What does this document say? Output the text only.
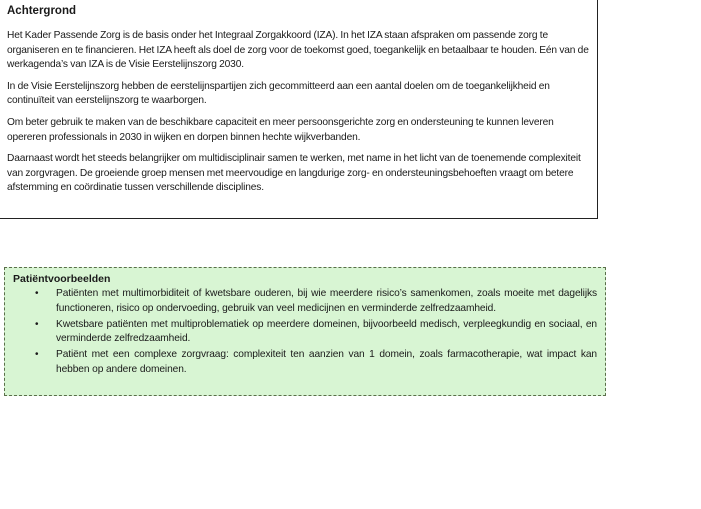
Achtergrond

Het Kader Passende Zorg is de basis onder het Integraal Zorgakkoord (IZA). In het IZA staan afspraken om passende zorg te organiseren en te financieren. Het IZA heeft als doel de zorg voor de toekomst goed, toegankelijk en betaalbaar te houden. Eén van de werkagenda’s van IZA is de Visie Eerstelijnszorg 2030.

In de Visie Eerstelijnszorg hebben de eerstelijnspartijen zich gecommitteerd aan een aantal doelen om de toegankelijkheid en continuïteit van eerstelijnszorg te waarborgen.

Om beter gebruik te maken van de beschikbare capaciteit en meer persoonsgerichte zorg en ondersteuning te kunnen leveren opereren professionals in 2030 in wijken en dorpen binnen hechte wijkverbanden.

Daarnaast wordt het steeds belangrijker om multidisciplinair samen te werken, met name in het licht van de toenemende complexiteit van zorgvragen. De groeiende groep mensen met meervoudige en langdurige zorg- en ondersteuningsbehoeften vraagt om betere afstemming en coördinatie tussen verschillende disciplines.

Patiëntvoorbeelden
• Patiënten met multimorbiditeit of kwetsbare ouderen, bij wie meerdere risico’s samenkomen, zoals moeite met dagelijks functioneren, risico op ondervoeding, gebruik van veel medicijnen en verminderde zelfredzaamheid.
• Kwetsbare patiënten met multiproblematiek op meerdere domeinen, bijvoorbeeld medisch, verpleegkundig en sociaal, en verminderde zelfredzaamheid.
• Patiënt met een complexe zorgvraag: complexiteit ten aanzien van 1 domein, zoals farmacotherapie, wat impact kan hebben op andere domeinen.
